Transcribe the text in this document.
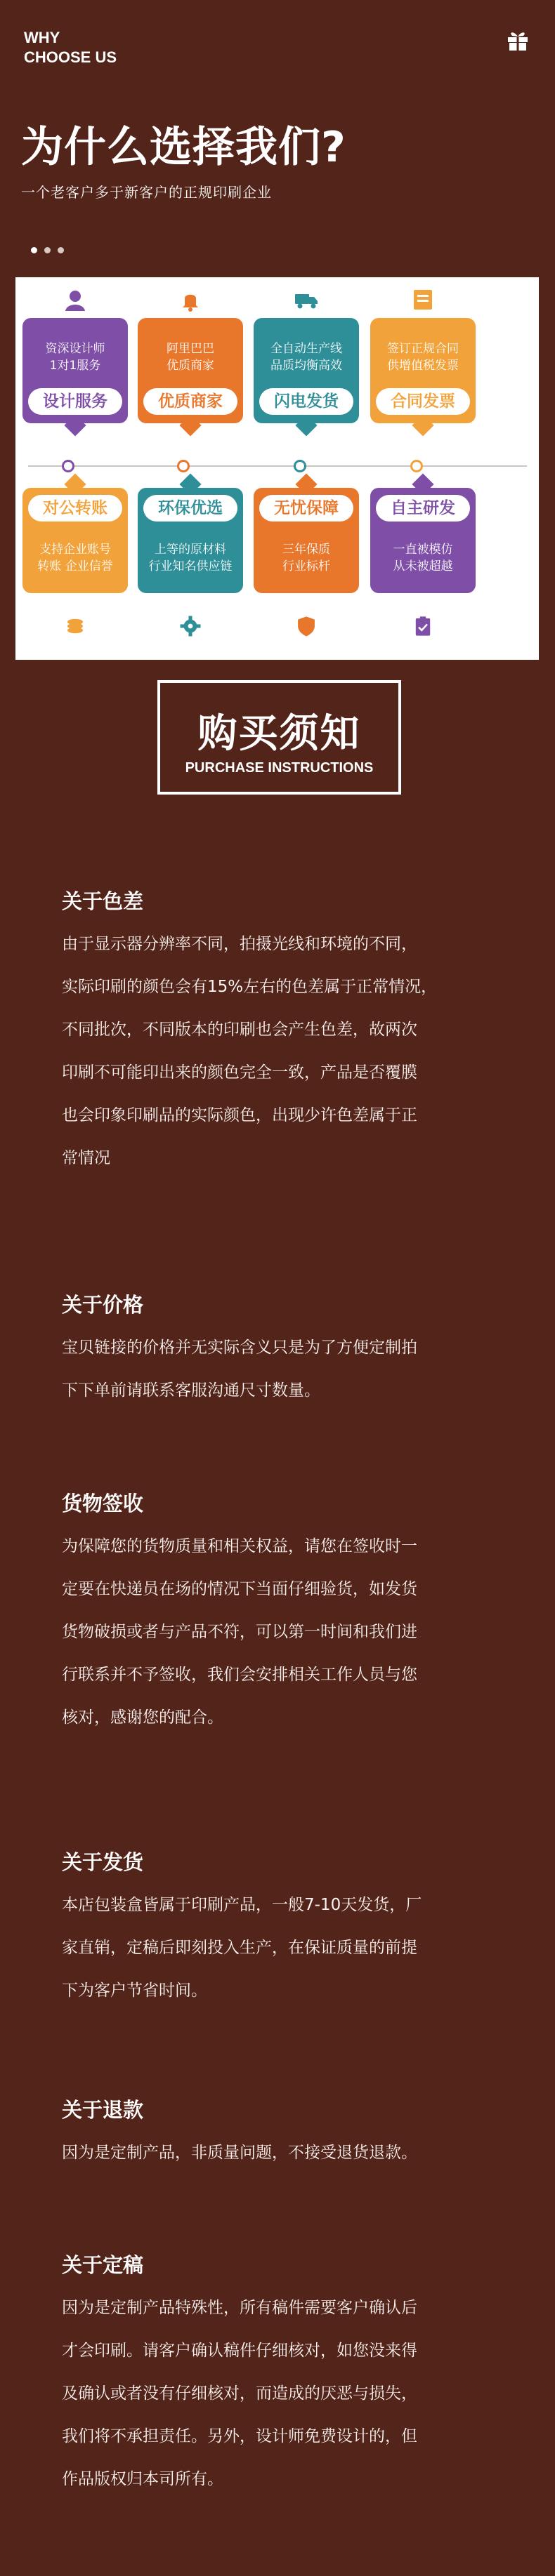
WHY
CHOOSE US
为什么选择我们?
一个老客户多于新客户的正规印刷企业
资深设计师
1对1服务
设计服务
阿里巴巴
优质商家
优质商家
全自动生产线
品质均衡高效
闪电发货
签订正规合同
供增值税发票
合同发票
对公转账
支持企业账号
转账 企业信誉
环保优选
上等的原材料
行业知名供应链
无忧保障
三年保质
行业标杆
自主研发
一直被模仿
从未被超越
购买须知
PURCHASE INSTRUCTIONS
关于色差

由于显示器分辨率不同，拍摄光线和环境的不同，

实际印刷的颜色会有15%左右的色差属于正常情况，

不同批次，不同版本的印刷也会产生色差，故两次

印刷不可能印出来的颜色完全一致，产品是否覆膜

也会印象印刷品的实际颜色，出现少许色差属于正

常情况

关于价格

宝贝链接的价格并无实际含义只是为了方便定制拍

下下单前请联系客服沟通尺寸数量。

货物签收

为保障您的货物质量和相关权益，请您在签收时一

定要在快递员在场的情况下当面仔细验货，如发货

货物破损或者与产品不符，可以第一时间和我们进

行联系并不予签收，我们会安排相关工作人员与您

核对，感谢您的配合。

关于发货

本店包装盒皆属于印刷产品，一般7-10天发货，厂

家直销，定稿后即刻投入生产，在保证质量的前提

下为客户节省时间。

关于退款

因为是定制产品，非质量问题，不接受退货退款。

关于定稿

因为是定制产品特殊性，所有稿件需要客户确认后

才会印刷。请客户确认稿件仔细核对，如您没来得

及确认或者没有仔细核对，而造成的厌恶与损失，

我们将不承担责任。另外，设计师免费设计的，但

作品版权归本司所有。
